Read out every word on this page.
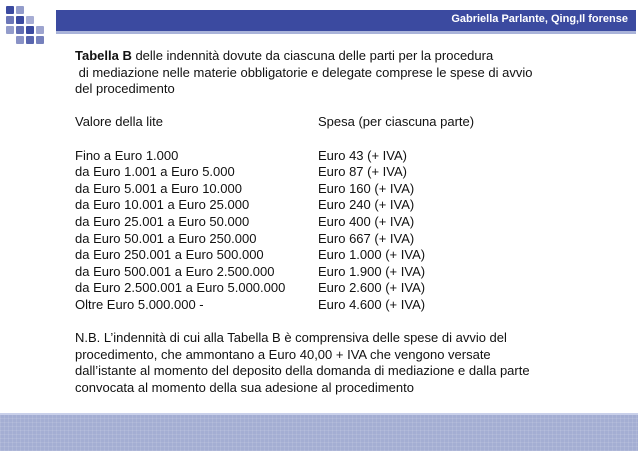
Gabriella Parlante, Qing,Il forense

Tabella B delle indennità dovute da ciascuna delle parti per la procedura

di mediazione nelle materie obbligatorie e delegate comprese le spese di avvio

del procedimento

Valore della lite	Spesa (per ciascuna parte)
Fino a Euro 1.000	Euro 43 (+ IVA)
da Euro 1.001 a Euro 5.000	Euro 87 (+ IVA)
da Euro 5.001 a Euro 10.000	Euro 160 (+ IVA)
da Euro 10.001 a Euro 25.000	Euro 240 (+ IVA)
da Euro 25.001 a Euro 50.000	Euro 400 (+ IVA)
da Euro 50.001 a Euro 250.000	Euro 667 (+ IVA)
da Euro 250.001 a Euro 500.000	Euro 1.000 (+ IVA)
da Euro 500.001 a Euro 2.500.000	Euro 1.900 (+ IVA)
da Euro 2.500.001 a Euro 5.000.000	Euro 2.600 (+ IVA)
Oltre Euro 5.000.000 -	Euro 4.600 (+ IVA)

N.B. L’indennità di cui alla Tabella B è comprensiva delle spese di avvio del

procedimento, che ammontano a Euro 40,00 + IVA che vengono versate

dall’istante al momento del deposito della domanda di mediazione e dalla parte

convocata al momento della sua adesione al procedimento
